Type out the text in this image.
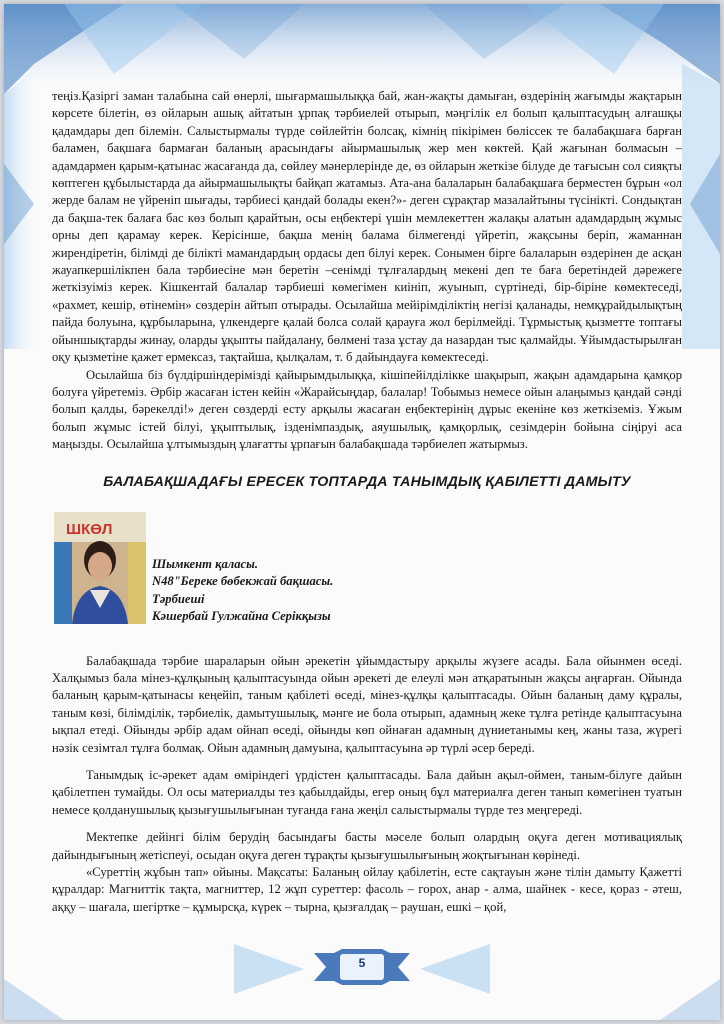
теңіз.Қазіргі заман талабына сай өнерлі, шығармашылыққа бай, жан-жақты дамыған, өздерінің жағымды жақтарын көрсете білетін, өз ойларын ашық айтатын ұрпақ тәрбиелей отырып, мәңгілік ел болып қалыптасудың алғашқы қадамдары деп білемін. Салыстырмалы түрде сөйлейтін болсақ, кімнің пікірімен бөліссек те балабақшаға барған баламен, бақшаға бармаған баланың арасындағы айырмашылық жер мен көктей. Қай жағынан болмасын –адамдармен қарым-қатынас жасағанда да, сөйлеу мәнерлерінде де, өз ойларын жеткізе білуде де тағысын сол сияқты көптеген құбылыстарда да айырмашылықты байқап жатамыз. Ата-ана балаларын балабақшаға берместен бұрын «ол жерде балам не үйреніп шығады, тәрбиесі қандай болады екен?»- деген сұрақтар мазалайтыны түсінікті. Сондықтан да бақша-тек балаға бас көз болып қарайтын, осы еңбектері үшін мемлекеттен жалақы алатын адамдардың жұмыс орны деп қарамау керек. Керісінше, бақша менің балама білмегенді үйретіп, жақсыны беріп, жаманнан жирендіретін, білімді де білікті мамандардың ордасы деп білуі керек. Сонымен бірге балаларын өздерінен де асқан жауапкершілікпен бала тәрбиесіне мән беретін –сенімді тұлғалардың мекені деп те баға беретіндей дәрежеге жеткізуіміз керек. Кішкентай балалар тәрбиеші көмегімен киініп, жуынып, сүртінеді, бір-біріне көмектеседі, «рахмет, кешір, өтінемін» сөздерін айтып отырады. Осылайша мейірімділіктің негізі қаланады, немқұрайдылықтың пайда болуына, құрбыларына, үлкендерге қалай болса солай қарауға жол берілмейді. Тұрмыстық қызметте топтағы ойыншықтарды жинау, оларды ұқыпты пайдалану, бөлмені таза ұстау да назардан тыс қалмайды. Ұйымдастырылған оқу қызметіне қажет ермексаз, тақтайша, қылқалам, т. б дайындауға көмектеседі.

Осылайша біз бүлдіршіндерімізді қайырымдылыққа, кішіпейілділікке шақырып, жақын адамдарына қамқор болуға үйретеміз. Әрбір жасаған істен кейін «Жарайсыңдар, балалар! Тобымыз немесе ойын алаңымыз қандай сәнді болып қалды, бәрекелді!» деген сөздерді есту арқылы жасаған еңбектерінің дұрыс екеніне көз жеткіземіз. Ұжым болып жұмыс істей білуі, ұқыптылық, ізденімпаздық, аяушылық, қамқорлық, сезімдерін бойына сіңіруі аса маңызды. Осылайша ұлтымыздың ұлағатты ұрпағын балабақшада тәрбиелеп жатырмыз.

БАЛАБАҚШАДАҒЫ ЕРЕСЕК ТОПТАРДА ТАНЫМДЫҚ ҚАБІЛЕТТІ ДАМЫТУ
ШКӨЛ
Шымкент қаласы.
N48"Береке бөбекжай бақшасы.
Тәрбиеші
Кәшербай Гулжайна Серікқызы

Балабақшада тәрбие шараларын ойын әрекетін ұйымдастыру арқылы жүзеге асады. Бала ойынмен өседі. Халқымыз бала мінез-құлқының қалыптасуында ойын әрекеті де елеулі мән атқаратынын жақсы аңғарған. Ойында баланың қарым-қатынасы кеңейіп, таным қабілеті өседі, мінез-құлқы қалыптасады. Ойын баланың даму құралы, таным көзі, білімділік, тәрбиелік, дамытушылық, мәнге ие бола отырып, адамның жеке тұлға ретінде қалыптасуына ықпал етеді. Ойынды әрбір адам ойнап өседі, ойынды көп ойнаған адамның дүниетанымы кең, жаны таза, жүрегі нәзік сезімтал тұлға болмақ. Ойын адамның дамуына, қалыптасуына әр түрлі әсер береді.

Танымдық іс-әрекет адам өміріндегі үрдістен қалыптасады. Бала дайын ақыл-оймен, таным-білуге дайын қабілетпен тумайды. Ол осы материалды тез қабылдайды, егер оның бұл материалға деген танып көмегінен туатын немесе қолданушылық қызығушылығынан туғанда ғана жеңіл салыстырмалы түрде тез меңгереді.

Мектепке дейінгі білім берудің басындағы басты мәселе болып олардың оқуға деген мотивациялық дайындығының жетіспеуі, осыдан оқуға деген тұрақты қызығушылығының жоқтығынан көрінеді.

«Суреттің жұбын тап» ойыны. Мақсаты: Баланың ойлау қабілетін, есте сақтауын және тілін дамыту Қажетті құралдар: Магниттік тақта, магниттер, 12 жұп суреттер: фасоль – горох, анар - алма, шайнек - кесе, қораз - әтеш, аққу – шағала, шегіртке – құмырсқа, күрек – тырна, қызғалдақ – раушан, ешкі – қой,

5
